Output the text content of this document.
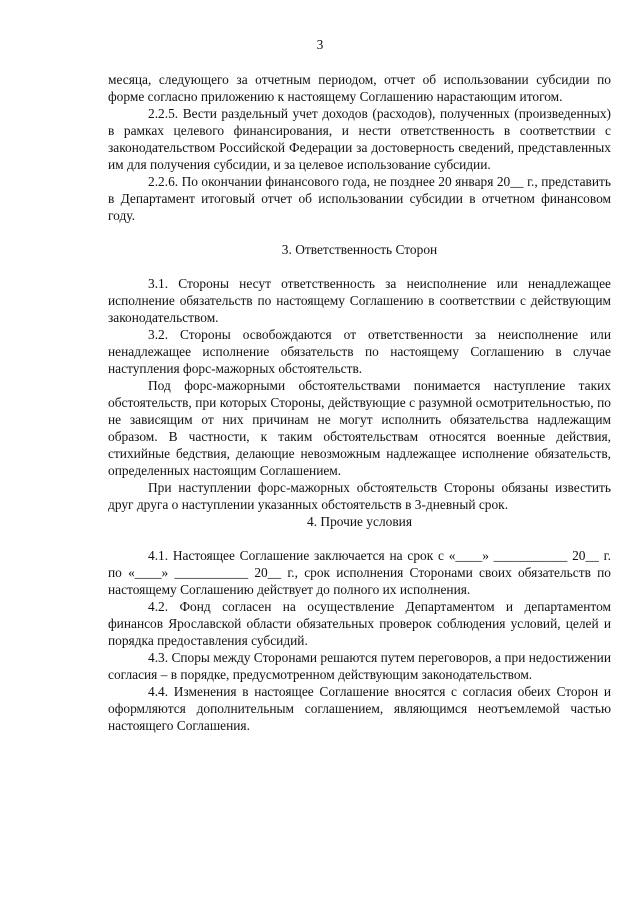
3

месяца, следующего за отчетным периодом, отчет об использовании субсидии по форме согласно приложению к настоящему Соглашению нарастающим итогом.

2.2.5. Вести раздельный учет доходов (расходов), полученных (произведенных) в рамках целевого финансирования, и нести ответственность в соответствии с законодательством Российской Федерации за достоверность сведений, представленных им для получения субсидии, и за целевое использование субсидии.

2.2.6. По окончании финансового года, не позднее 20 января 20__ г., представить в Департамент итоговый отчет об использовании субсидии в отчетном финансовом году.

3. Ответственность Сторон

3.1. Стороны несут ответственность за неисполнение или ненадлежащее исполнение обязательств по настоящему Соглашению в соответствии с действующим законодательством.

3.2. Стороны освобождаются от ответственности за неисполнение или ненадлежащее исполнение обязательств по настоящему Соглашению в случае наступления форс-мажорных обстоятельств.

Под форс-мажорными обстоятельствами понимается наступление таких обстоятельств, при которых Стороны, действующие с разумной осмотрительностью, по не зависящим от них причинам не могут исполнить обязательства надлежащим образом. В частности, к таким обстоятельствам относятся военные действия, стихийные бедствия, делающие невозможным надлежащее исполнение обязательств, определенных настоящим Соглашением.

При наступлении форс-мажорных обстоятельств Стороны обязаны известить друг друга о наступлении указанных обстоятельств в 3-дневный срок.

4. Прочие условия

4.1. Настоящее Соглашение заключается на срок с «____» ___________ 20__ г. по «____» ___________ 20__ г., срок исполнения Сторонами своих обязательств по настоящему Соглашению действует до полного их исполнения.

4.2. Фонд согласен на осуществление Департаментом и департаментом финансов Ярославской области обязательных проверок соблюдения условий, целей и порядка предоставления субсидий.

4.3. Споры между Сторонами решаются путем переговоров, а при недостижении согласия – в порядке, предусмотренном действующим законодательством.

4.4. Изменения в настоящее Соглашение вносятся с согласия обеих Сторон и оформляются дополнительным соглашением, являющимся неотъемлемой частью настоящего Соглашения.
